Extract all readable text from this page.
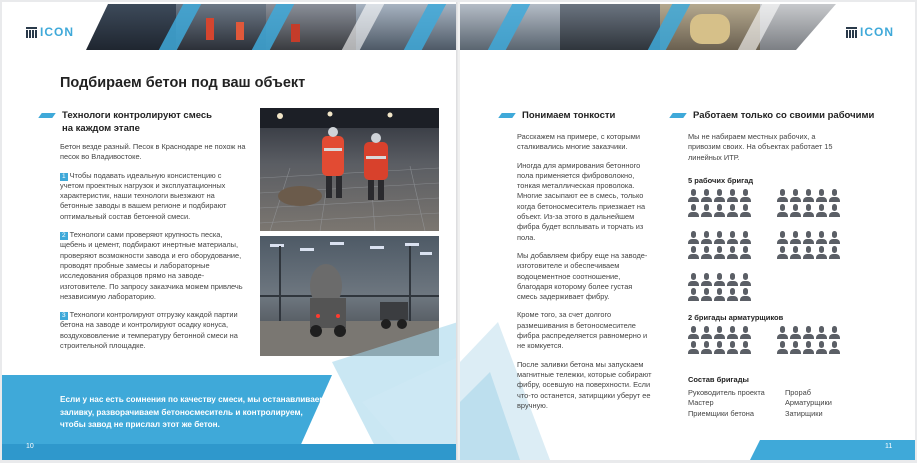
ICON
Подбираем бетон под ваш объект
Технологи контролируют смесь
на каждом этапе

Бетон везде разный. Песок в Краснодаре не похож на песок во Владивостоке.

1 Чтобы подавать идеальную консистенцию с учетом проектных нагрузок и эксплуатационных характеристик, наши технологи выезжают на бетонные заводы в вашем регионе и подбирают оптимальный состав бетонной смеси.

2 Технологи сами проверяют крупность песка, щебень и цемент, подбирают инертные материалы, проверяют возможности завода и его оборудование, проводят пробные замесы и лабораторные исследования образцов прямо на заводе-изготовителе. По запросу заказчика можем привлечь независимую лабораторию.

3 Технологи контролируют отгрузку каждой партии бетона на заводе и контролируют осадку конуса, воздухововление и температуру бетонной смеси на строительной площадке.

Если у нас есть сомнения по качеству смеси, мы останавливаем заливку, разворачиваем бетоносмеситель и контролируем, чтобы завод не прислал этот же бетон.
10
ICON
Понимаем тонкости

Расскажем на примере, с которыми сталкивались многие заказчики.

Иногда для армирования бетонного пола применяется фиброволокно, тонкая металлическая проволока. Многие засыпают ее в смесь, только когда бетоносмеситель приезжает на объект. Из-за этого в дальнейшем фибра будет всплывать и торчать из пола.

Мы добавляем фибру еще на заводе-изготовителе и обеспечиваем водоцементное соотношение, благодаря которому более густая смесь задерживает фибру.

Кроме того, за счет долгого размешивания в бетоносмесителе фибра распределяется равномерно и не комкуется.

После заливки бетона мы запускаем магнитные тележки, которые собирают фибру, осевшую на поверхности. Если что-то останется, затирщики уберут ее вручную.

Работаем только со своими рабочими
Мы не набираем местных рабочих, а привозим своих. На объектах работает 15 линейных ИТР.
5 рабочих бригад
2 бригады арматурщиков
Состав бригады
Руководитель проекта	Прораб
Мастер	Арматурщики
Приемщики бетона	Затирщики
11
